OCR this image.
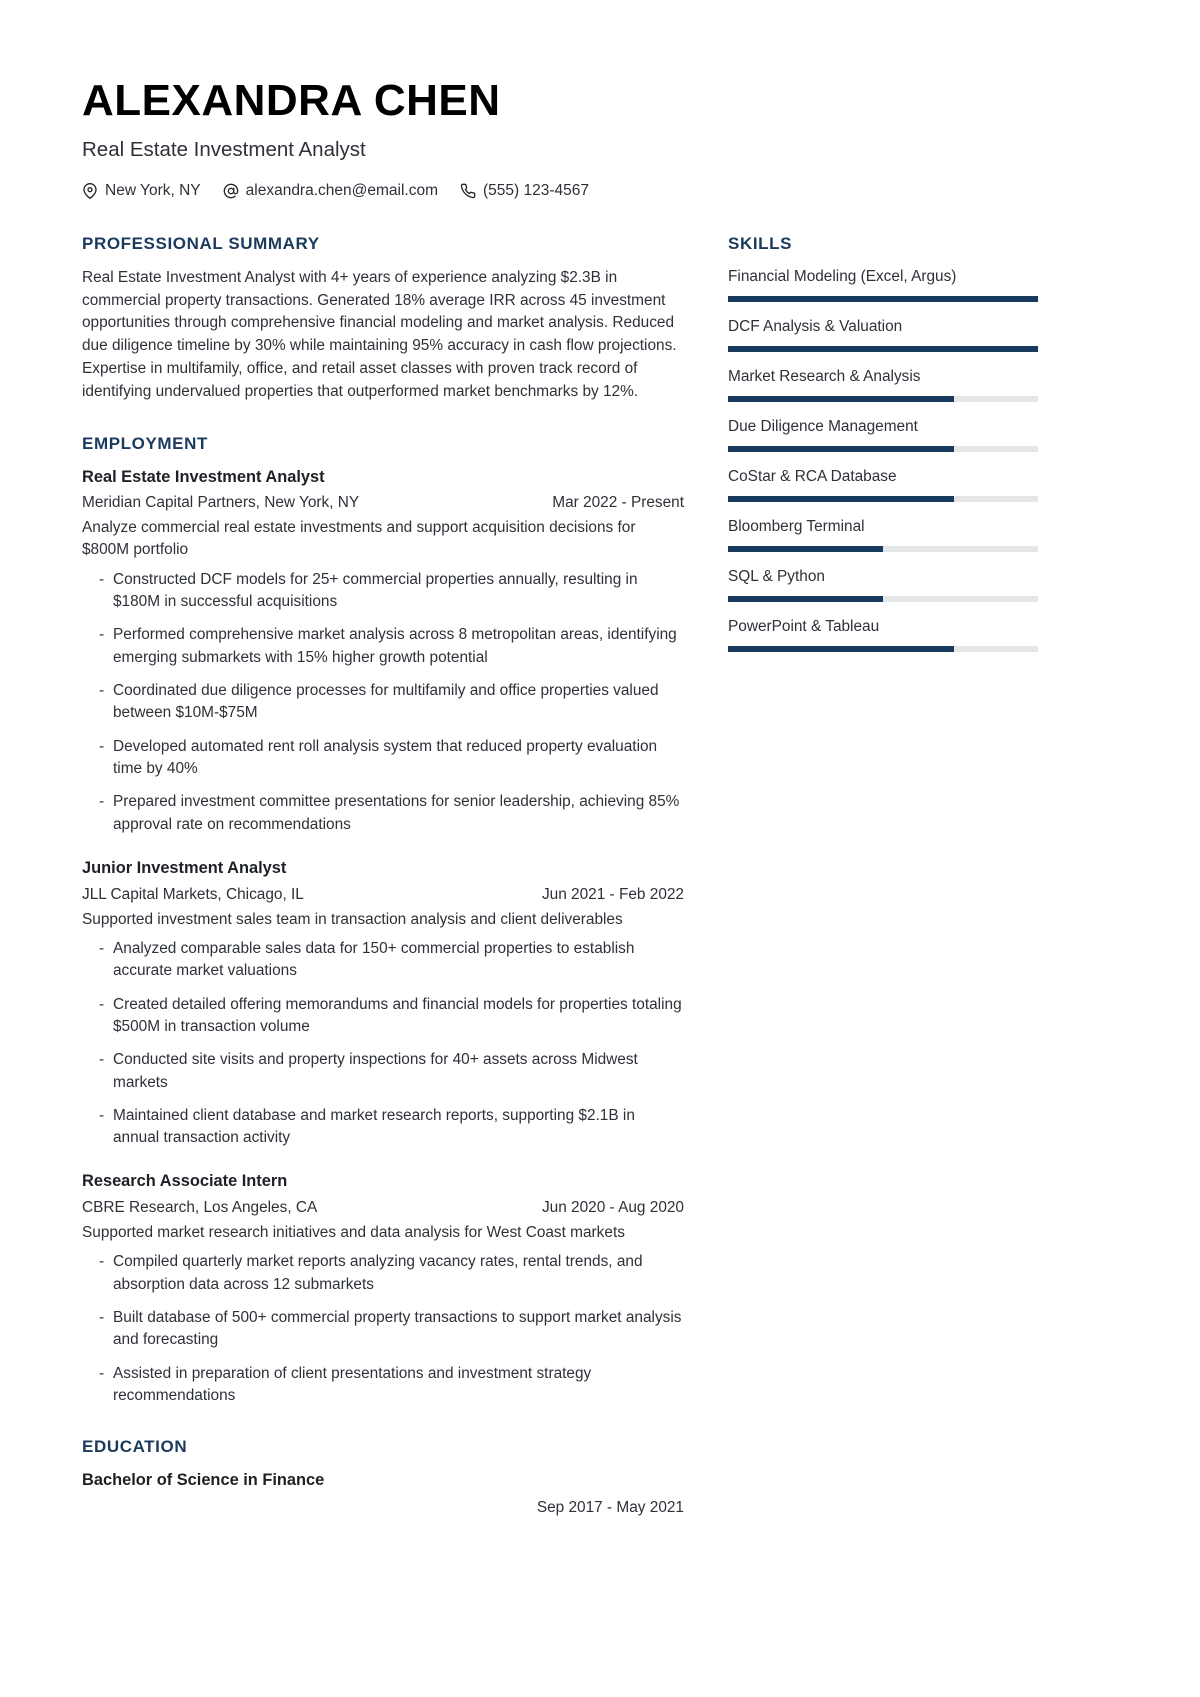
ALEXANDRA CHEN
Real Estate Investment Analyst
New York, NY	alexandra.chen@email.com	(555) 123-4567
PROFESSIONAL SUMMARY
Real Estate Investment Analyst with 4+ years of experience analyzing $2.3B in commercial property transactions. Generated 18% average IRR across 45 investment opportunities through comprehensive financial modeling and market analysis. Reduced due diligence timeline by 30% while maintaining 95% accuracy in cash flow projections. Expertise in multifamily, office, and retail asset classes with proven track record of identifying undervalued properties that outperformed market benchmarks by 12%.
EMPLOYMENT
Real Estate Investment Analyst
Meridian Capital Partners, New York, NY	Mar 2022 - Present
Analyze commercial real estate investments and support acquisition decisions for $800M portfolio
- Constructed DCF models for 25+ commercial properties annually, resulting in $180M in successful acquisitions
- Performed comprehensive market analysis across 8 metropolitan areas, identifying emerging submarkets with 15% higher growth potential
- Coordinated due diligence processes for multifamily and office properties valued between $10M-$75M
- Developed automated rent roll analysis system that reduced property evaluation time by 40%
- Prepared investment committee presentations for senior leadership, achieving 85% approval rate on recommendations
Junior Investment Analyst
JLL Capital Markets, Chicago, IL	Jun 2021 - Feb 2022
Supported investment sales team in transaction analysis and client deliverables
- Analyzed comparable sales data for 150+ commercial properties to establish accurate market valuations
- Created detailed offering memorandums and financial models for properties totaling $500M in transaction volume
- Conducted site visits and property inspections for 40+ assets across Midwest markets
- Maintained client database and market research reports, supporting $2.1B in annual transaction activity
Research Associate Intern
CBRE Research, Los Angeles, CA	Jun 2020 - Aug 2020
Supported market research initiatives and data analysis for West Coast markets
- Compiled quarterly market reports analyzing vacancy rates, rental trends, and absorption data across 12 submarkets
- Built database of 500+ commercial property transactions to support market analysis and forecasting
- Assisted in preparation of client presentations and investment strategy recommendations
EDUCATION
Bachelor of Science in Finance
Sep 2017 - May 2021
SKILLS
Financial Modeling (Excel, Argus)
DCF Analysis & Valuation
Market Research & Analysis
Due Diligence Management
CoStar & RCA Database
Bloomberg Terminal
SQL & Python
PowerPoint & Tableau
